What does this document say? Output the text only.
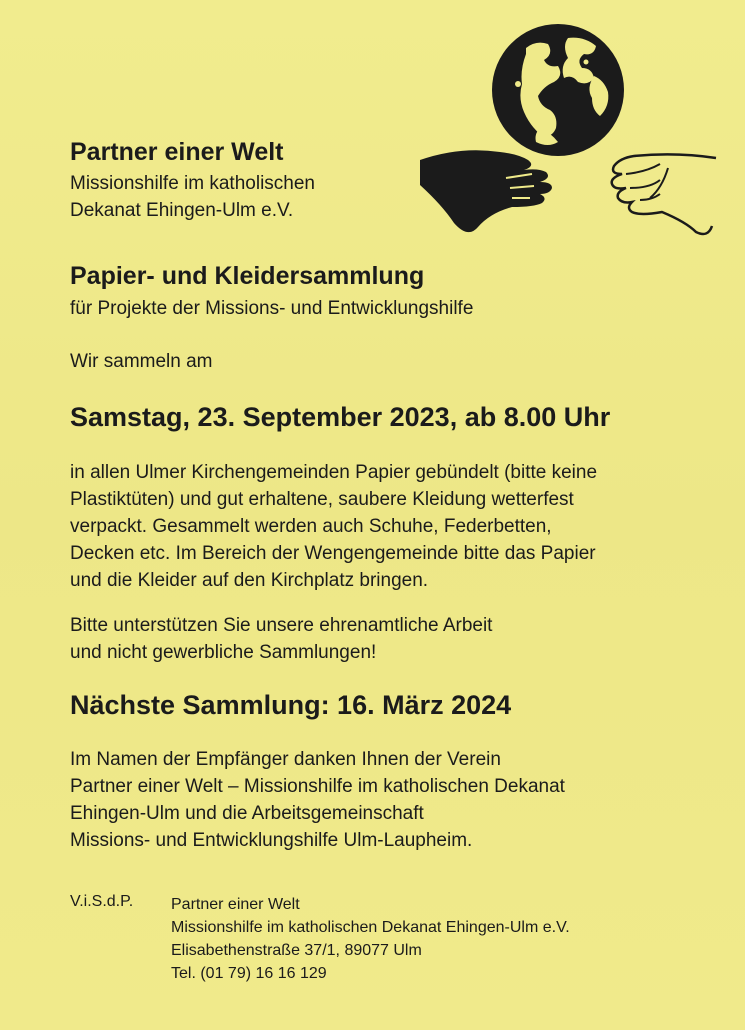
Partner einer Welt
Missionshilfe im katholischen
Dekanat Ehingen-Ulm e.V.
Papier- und Kleidersammlung
für Projekte der Missions- und Entwicklungshilfe
Wir sammeln am
Samstag, 23. September 2023, ab 8.00 Uhr
in allen Ulmer Kirchengemeinden Papier gebündelt (bitte keine
Plastiktüten) und gut erhaltene, saubere Kleidung wetterfest
verpackt. Gesammelt werden auch Schuhe, Federbetten,
Decken etc. Im Bereich der Wengengemeinde bitte das Papier
und die Kleider auf den Kirchplatz bringen.
Bitte unterstützen Sie unsere ehrenamtliche Arbeit
und nicht gewerbliche Sammlungen!
Nächste Sammlung: 16. März 2024
Im Namen der Empfänger danken Ihnen der Verein
Partner einer Welt – Missionshilfe im katholischen Dekanat
Ehingen-Ulm und die Arbeitsgemeinschaft
Missions- und Entwicklungshilfe Ulm-Laupheim.
V.i.S.d.P. Partner einer Welt
Missionshilfe im katholischen Dekanat Ehingen-Ulm e.V.
Elisabethenstraße 37/1, 89077 Ulm
Tel. (01 79) 16 16 129
